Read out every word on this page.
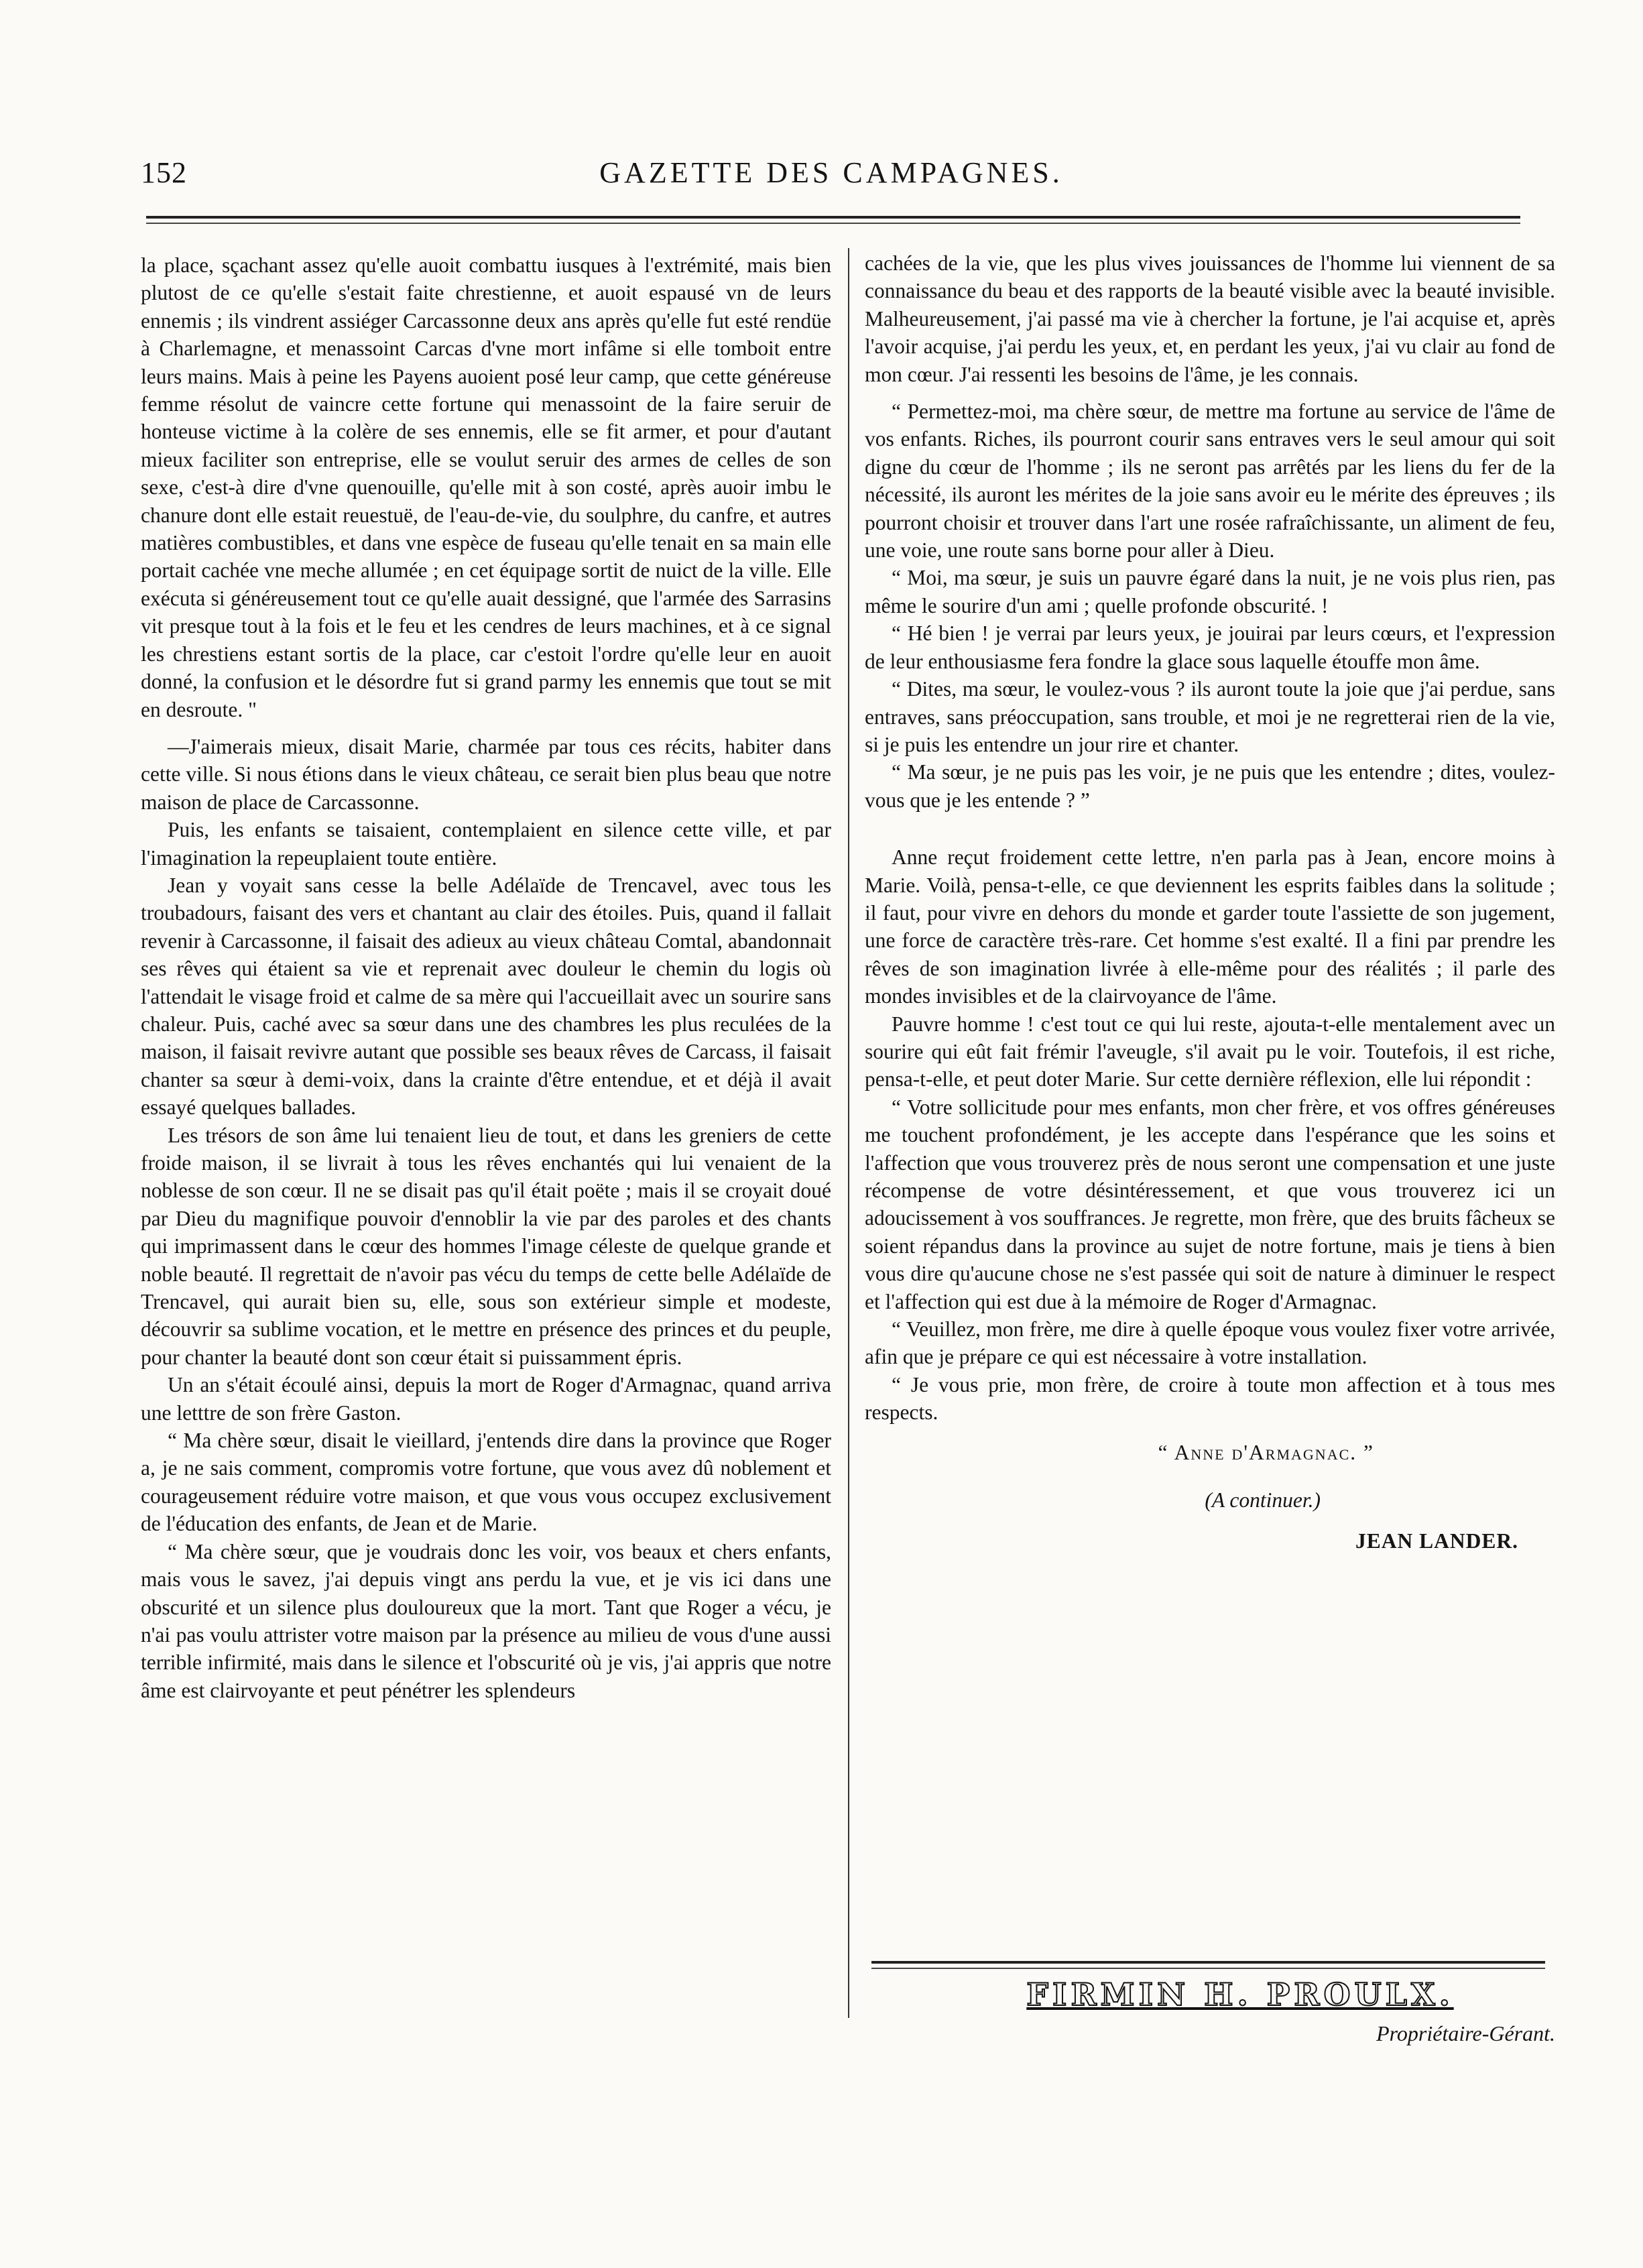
152	GAZETTE DES CAMPAGNES.

la place, sçachant assez qu'elle auoit combattu iusques à l'extrémité, mais bien plutost de ce qu'elle s'estait faite chrestienne, et auoit espausé vn de leurs ennemis ; ils vindrent assiéger Carcassonne deux ans après qu'elle fut esté rendüe à Charlemagne, et menassoint Carcas d'vne mort infâme si elle tomboit entre leurs mains. Mais à peine les Payens auoient posé leur camp, que cette généreuse femme résolut de vaincre cette fortune qui menassoint de la faire seruir de honteuse victime à la colère de ses ennemis, elle se fit armer, et pour d'autant mieux faciliter son entreprise, elle se voulut seruir des armes de celles de son sexe, c'est-à dire d'vne quenouille, qu'elle mit à son costé, après auoir imbu le chanure dont elle estait reuestuë, de l'eau-de-vie, du soulphre, du canfre, et autres matières combustibles, et dans vne espèce de fuseau qu'elle tenait en sa main elle portait cachée vne meche allumée ; en cet équipage sortit de nuict de la ville. Elle exécuta si généreusement tout ce qu'elle auait dessigné, que l'armée des Sarrasins vit presque tout à la fois et le feu et les cendres de leurs machines, et à ce signal les chrestiens estant sortis de la place, car c'estoit l'ordre qu'elle leur en auoit donné, la confusion et le désordre fut si grand parmy les ennemis que tout se mit en desroute. "

—J'aimerais mieux, disait Marie, charmée par tous ces récits, habiter dans cette ville. Si nous étions dans le vieux château, ce serait bien plus beau que notre maison de place de Carcassonne.

Puis, les enfants se taisaient, contemplaient en silence cette ville, et par l'imagination la repeuplaient toute entière.

Jean y voyait sans cesse la belle Adélaïde de Trencavel, avec tous les troubadours, faisant des vers et chantant au clair des étoiles. Puis, quand il fallait revenir à Carcassonne, il faisait des adieux au vieux château Comtal, abandonnait ses rêves qui étaient sa vie et reprenait avec douleur le chemin du logis où l'attendait le visage froid et calme de sa mère qui l'accueillait avec un sourire sans chaleur. Puis, caché avec sa sœur dans une des chambres les plus reculées de la maison, il faisait revivre autant que possible ses beaux rêves de Carcass, il faisait chanter sa sœur à demi-voix, dans la crainte d'être entendue, et et déjà il avait essayé quelques ballades.

Les trésors de son âme lui tenaient lieu de tout, et dans les greniers de cette froide maison, il se livrait à tous les rêves enchantés qui lui venaient de la noblesse de son cœur. Il ne se disait pas qu'il était poëte ; mais il se croyait doué par Dieu du magnifique pouvoir d'ennoblir la vie par des paroles et des chants qui imprimassent dans le cœur des hommes l'image céleste de quelque grande et noble beauté. Il regrettait de n'avoir pas vécu du temps de cette belle Adélaïde de Trencavel, qui aurait bien su, elle, sous son extérieur simple et modeste, découvrir sa sublime vocation, et le mettre en présence des princes et du peuple, pour chanter la beauté dont son cœur était si puissamment épris.

Un an s'était écoulé ainsi, depuis la mort de Roger d'Armagnac, quand arriva une letttre de son frère Gaston.

“ Ma chère sœur, disait le vieillard, j'entends dire dans la province que Roger a, je ne sais comment, compromis votre fortune, que vous avez dû noblement et courageusement réduire votre maison, et que vous vous occupez exclusivement de l'éducation des enfants, de Jean et de Marie.

“ Ma chère sœur, que je voudrais donc les voir, vos beaux et chers enfants, mais vous le savez, j'ai depuis vingt ans perdu la vue, et je vis ici dans une obscurité et un silence plus douloureux que la mort. Tant que Roger a vécu, je n'ai pas voulu attrister votre maison par la présence au milieu de vous d'une aussi terrible infirmité, mais dans le silence et l'obscurité où je vis, j'ai appris que notre âme est clairvoyante et peut pénétrer les splendeurs

cachées de la vie, que les plus vives jouissances de l'homme lui viennent de sa connaissance du beau et des rapports de la beauté visible avec la beauté invisible. Malheureusement, j'ai passé ma vie à chercher la fortune, je l'ai acquise et, après l'avoir acquise, j'ai perdu les yeux, et, en perdant les yeux, j'ai vu clair au fond de mon cœur. J'ai ressenti les besoins de l'âme, je les connais.

“ Permettez-moi, ma chère sœur, de mettre ma fortune au service de l'âme de vos enfants. Riches, ils pourront courir sans entraves vers le seul amour qui soit digne du cœur de l'homme ; ils ne seront pas arrêtés par les liens du fer de la nécessité, ils auront les mérites de la joie sans avoir eu le mérite des épreuves ; ils pourront choisir et trouver dans l'art une rosée rafraîchissante, un aliment de feu, une voie, une route sans borne pour aller à Dieu.

“ Moi, ma sœur, je suis un pauvre égaré dans la nuit, je ne vois plus rien, pas même le sourire d'un ami ; quelle profonde obscurité. !

“ Hé bien ! je verrai par leurs yeux, je jouirai par leurs cœurs, et l'expression de leur enthousiasme fera fondre la glace sous laquelle étouffe mon âme.

“ Dites, ma sœur, le voulez-vous ? ils auront toute la joie que j'ai perdue, sans entraves, sans préoccupation, sans trouble, et moi je ne regretterai rien de la vie, si je puis les entendre un jour rire et chanter.

“ Ma sœur, je ne puis pas les voir, je ne puis que les entendre ; dites, voulez-vous que je les entende ? ”

Anne reçut froidement cette lettre, n'en parla pas à Jean, encore moins à Marie. Voilà, pensa-t-elle, ce que deviennent les esprits faibles dans la solitude ; il faut, pour vivre en dehors du monde et garder toute l'assiette de son jugement, une force de caractère très-rare. Cet homme s'est exalté. Il a fini par prendre les rêves de son imagination livrée à elle-même pour des réalités ; il parle des mondes invisibles et de la clairvoyance de l'âme.

Pauvre homme ! c'est tout ce qui lui reste, ajouta-t-elle mentalement avec un sourire qui eût fait frémir l'aveugle, s'il avait pu le voir. Toutefois, il est riche, pensa-t-elle, et peut doter Marie. Sur cette dernière réflexion, elle lui répondit :

“ Votre sollicitude pour mes enfants, mon cher frère, et vos offres généreuses me touchent profondément, je les accepte dans l'espérance que les soins et l'affection que vous trouverez près de nous seront une compensation et une juste récompense de votre désintéressement, et que vous trouverez ici un adoucissement à vos souffrances. Je regrette, mon frère, que des bruits fâcheux se soient répandus dans la province au sujet de notre fortune, mais je tiens à bien vous dire qu'aucune chose ne s'est passée qui soit de nature à diminuer le respect et l'affection qui est due à la mémoire de Roger d'Armagnac.

“ Veuillez, mon frère, me dire à quelle époque vous voulez fixer votre arrivée, afin que je prépare ce qui est nécessaire à votre installation.

“ Je vous prie, mon frère, de croire à toute mon affection et à tous mes respects.

“ Anne d'Armagnac. ”

(A continuer.)

JEAN LANDER.

FIRMIN H. PROULX.
Propriétaire-Gérant.
